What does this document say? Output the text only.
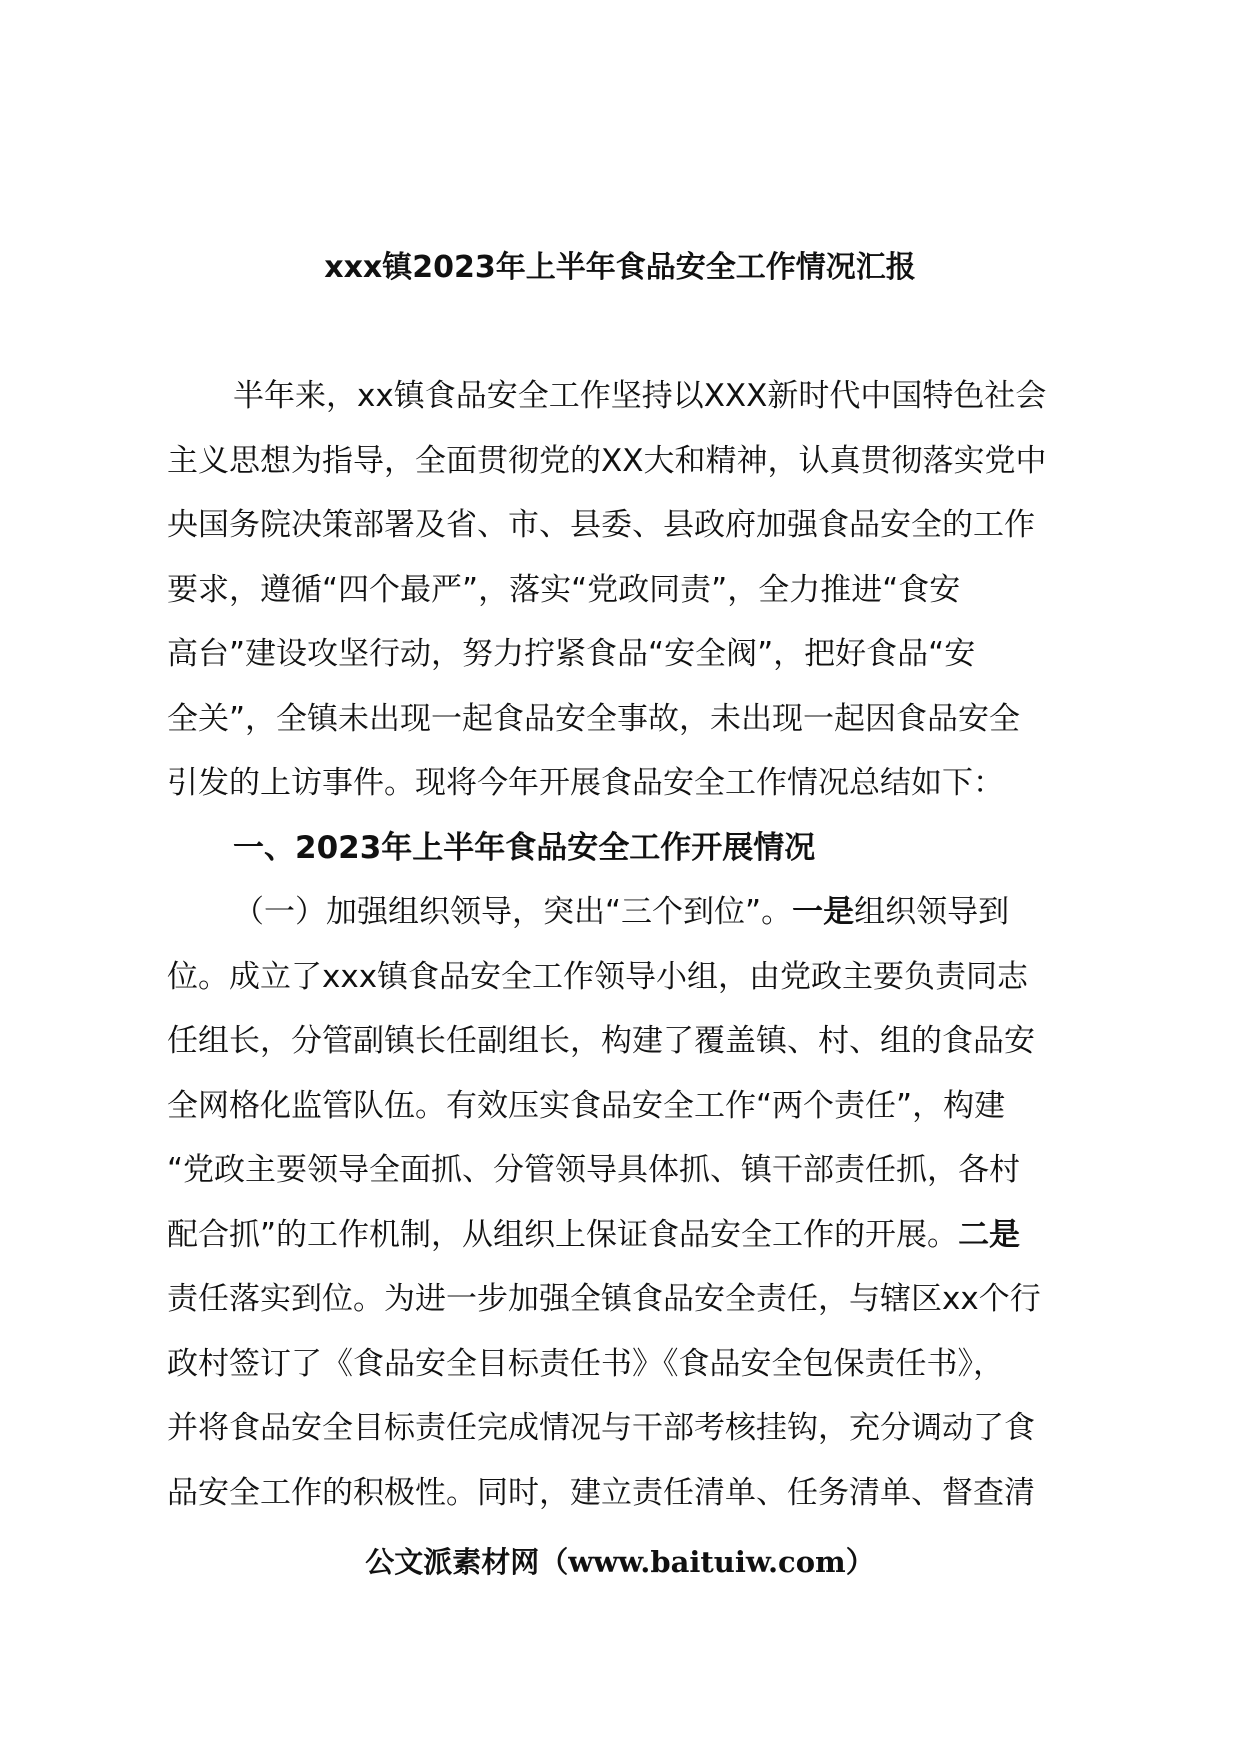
xxx镇2023年上半年食品安全工作情况汇报
半年来，xx镇食品安全工作坚持以XXX新时代中国特色社会
主义思想为指导，全面贯彻党的XX大和精神，认真贯彻落实党中
央国务院决策部署及省、市、县委、县政府加强食品安全的工作
要求，遵循“四个最严”，落实“党政同责”，全力推进“食安
高台”建设攻坚行动，努力拧紧食品“安全阀”，把好食品“安
全关”，全镇未出现一起食品安全事故，未出现一起因食品安全
引发的上访事件。现将今年开展食品安全工作情况总结如下：
一、2023年上半年食品安全工作开展情况
（一）加强组织领导，突出“三个到位”。一是组织领导到
位。成立了xxx镇食品安全工作领导小组，由党政主要负责同志
任组长，分管副镇长任副组长，构建了覆盖镇、村、组的食品安
全网格化监管队伍。有效压实食品安全工作“两个责任”，构建
“党政主要领导全面抓、分管领导具体抓、镇干部责任抓，各村
配合抓”的工作机制，从组织上保证食品安全工作的开展。二是
责任落实到位。为进一步加强全镇食品安全责任，与辖区xx个行
政村签订了《食品安全目标责任书》《食品安全包保责任书》，
并将食品安全目标责任完成情况与干部考核挂钩，充分调动了食
品安全工作的积极性。同时，建立责任清单、任务清单、督查清
公文派素材网（www.baituiw.com）
